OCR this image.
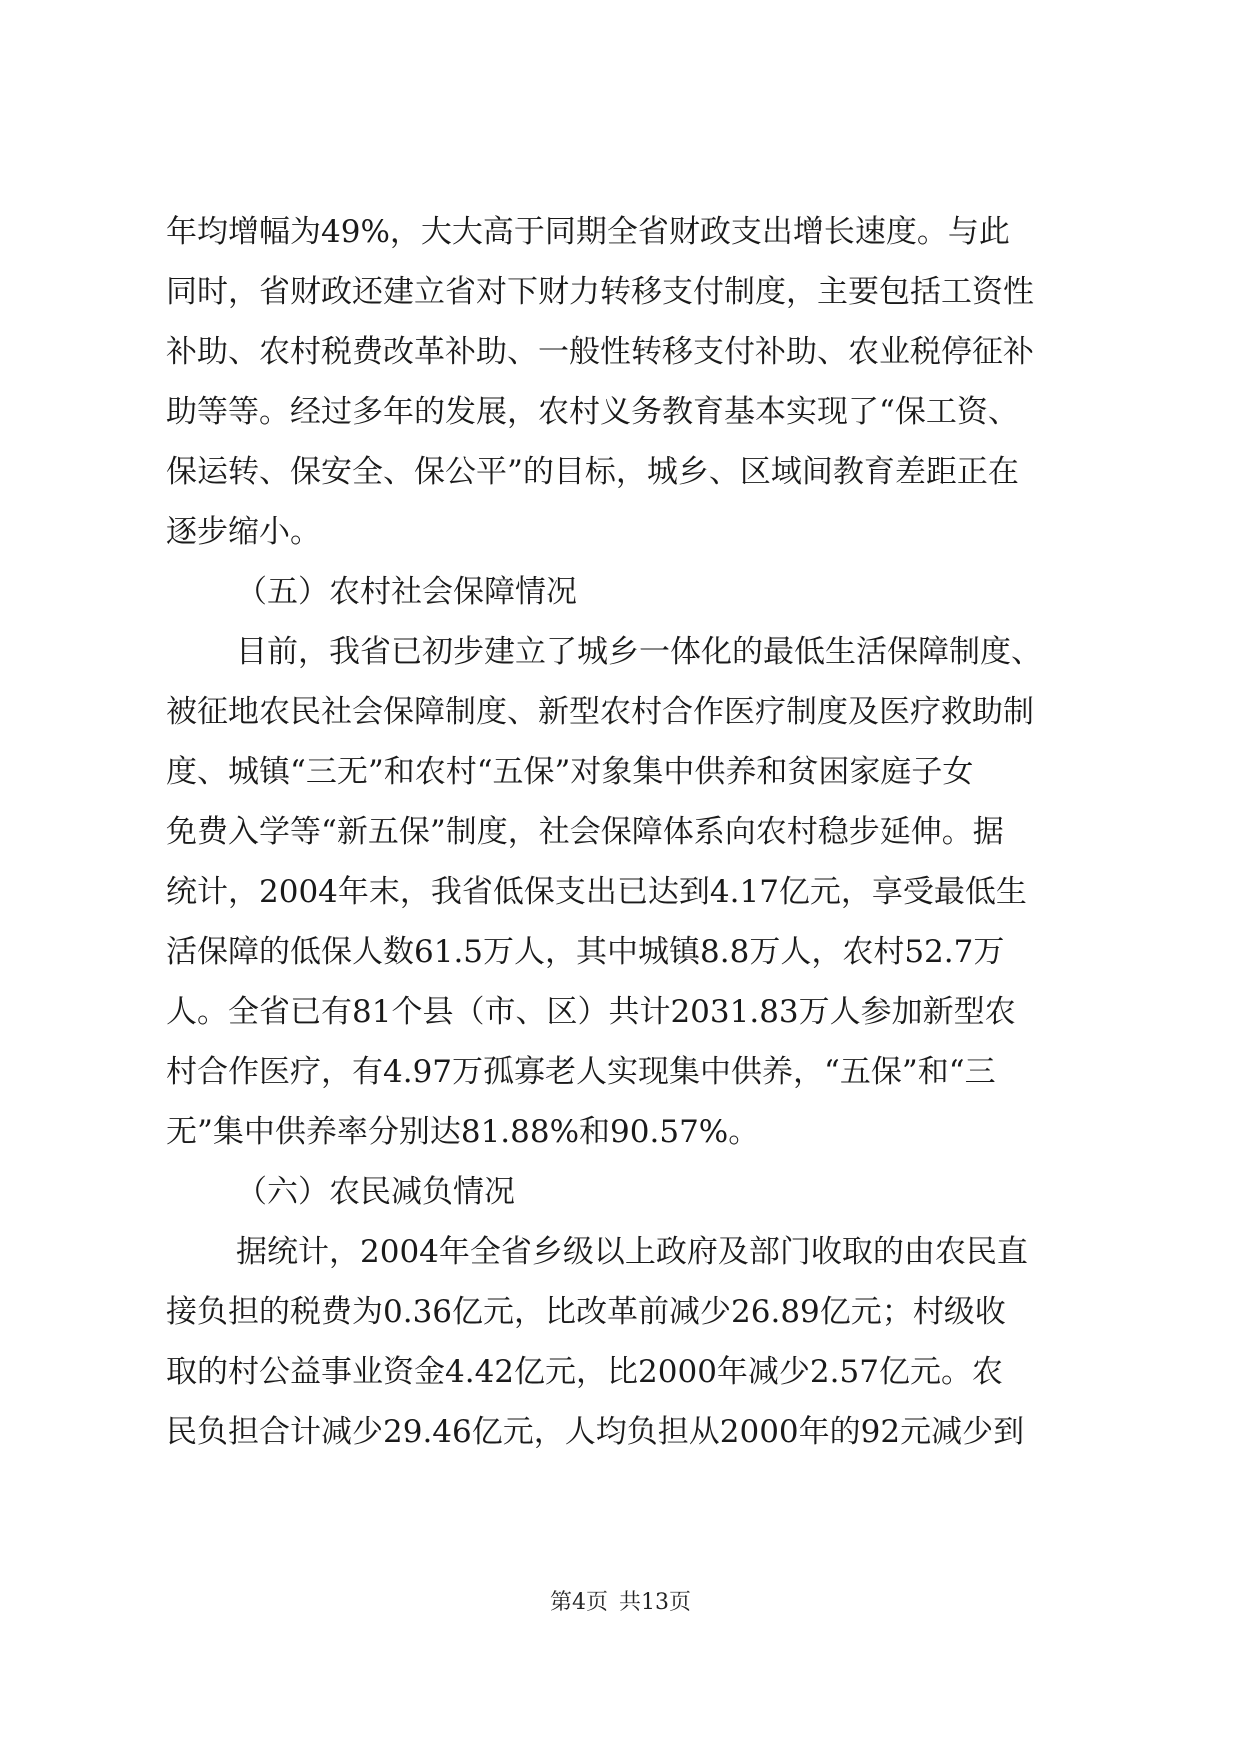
年均增幅为49%，大大高于同期全省财政支出增长速度。与此
同时，省财政还建立省对下财力转移支付制度，主要包括工资性
补助、农村税费改革补助、一般性转移支付补助、农业税停征补
助等等。经过多年的发展，农村义务教育基本实现了“保工资、
保运转、保安全、保公平”的目标，城乡、区域间教育差距正在
逐步缩小。
（五）农村社会保障情况
目前，我省已初步建立了城乡一体化的最低生活保障制度、
被征地农民社会保障制度、新型农村合作医疗制度及医疗救助制
度、城镇“三无”和农村“五保”对象集中供养和贫困家庭子女
免费入学等“新五保”制度，社会保障体系向农村稳步延伸。据
统计，2004年末，我省低保支出已达到4.17亿元，享受最低生
活保障的低保人数61.5万人，其中城镇8.8万人，农村52.7万
人。全省已有81个县（市、区）共计2031.83万人参加新型农
村合作医疗，有4.97万孤寡老人实现集中供养，“五保”和“三
无”集中供养率分别达81.88%和90.57%。
（六）农民减负情况
据统计，2004年全省乡级以上政府及部门收取的由农民直
接负担的税费为0.36亿元，比改革前减少26.89亿元；村级收
取的村公益事业资金4.42亿元，比2000年减少2.57亿元。农
民负担合计减少29.46亿元，人均负担从2000年的92元减少到
第4页 共13页
